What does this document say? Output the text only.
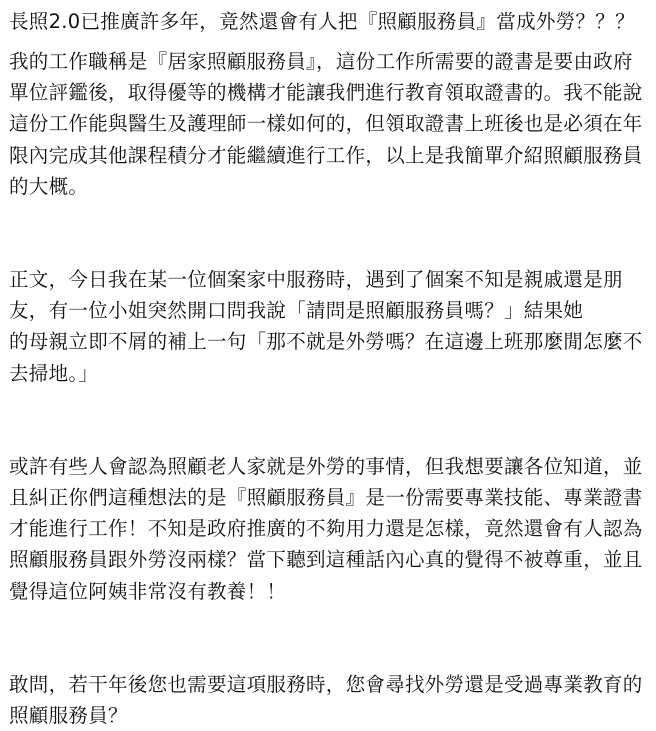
長照2.0已推廣許多年，竟然還會有人把『照顧服務員』當成外勞？？？

我的工作職稱是『居家照顧服務員』，這份工作所需要的證書是要由政府
單位評鑑後，取得優等的機構才能讓我們進行教育領取證書的。我不能說
這份工作能與醫生及護理師一樣如何的，但領取證書上班後也是必須在年
限內完成其他課程積分才能繼續進行工作，以上是我簡單介紹照顧服務員
的大概。

正文，今日我在某一位個案家中服務時，遇到了個案不知是親戚還是朋
友，有一位小姐突然開口問我說「請問是照顧服務員嗎？」結果她
的母親立即不屑的補上一句「那不就是外勞嗎？在這邊上班那麼閒怎麼不
去掃地。」

或許有些人會認為照顧老人家就是外勞的事情，但我想要讓各位知道，並
且糾正你們這種想法的是『照顧服務員』是一份需要專業技能、專業證書
才能進行工作！不知是政府推廣的不夠用力還是怎樣，竟然還會有人認為
照顧服務員跟外勞沒兩樣？當下聽到這種話內心真的覺得不被尊重，並且
覺得這位阿姨非常沒有教養！！

敢問，若干年後您也需要這項服務時，您會尋找外勞還是受過專業教育的
照顧服務員？
